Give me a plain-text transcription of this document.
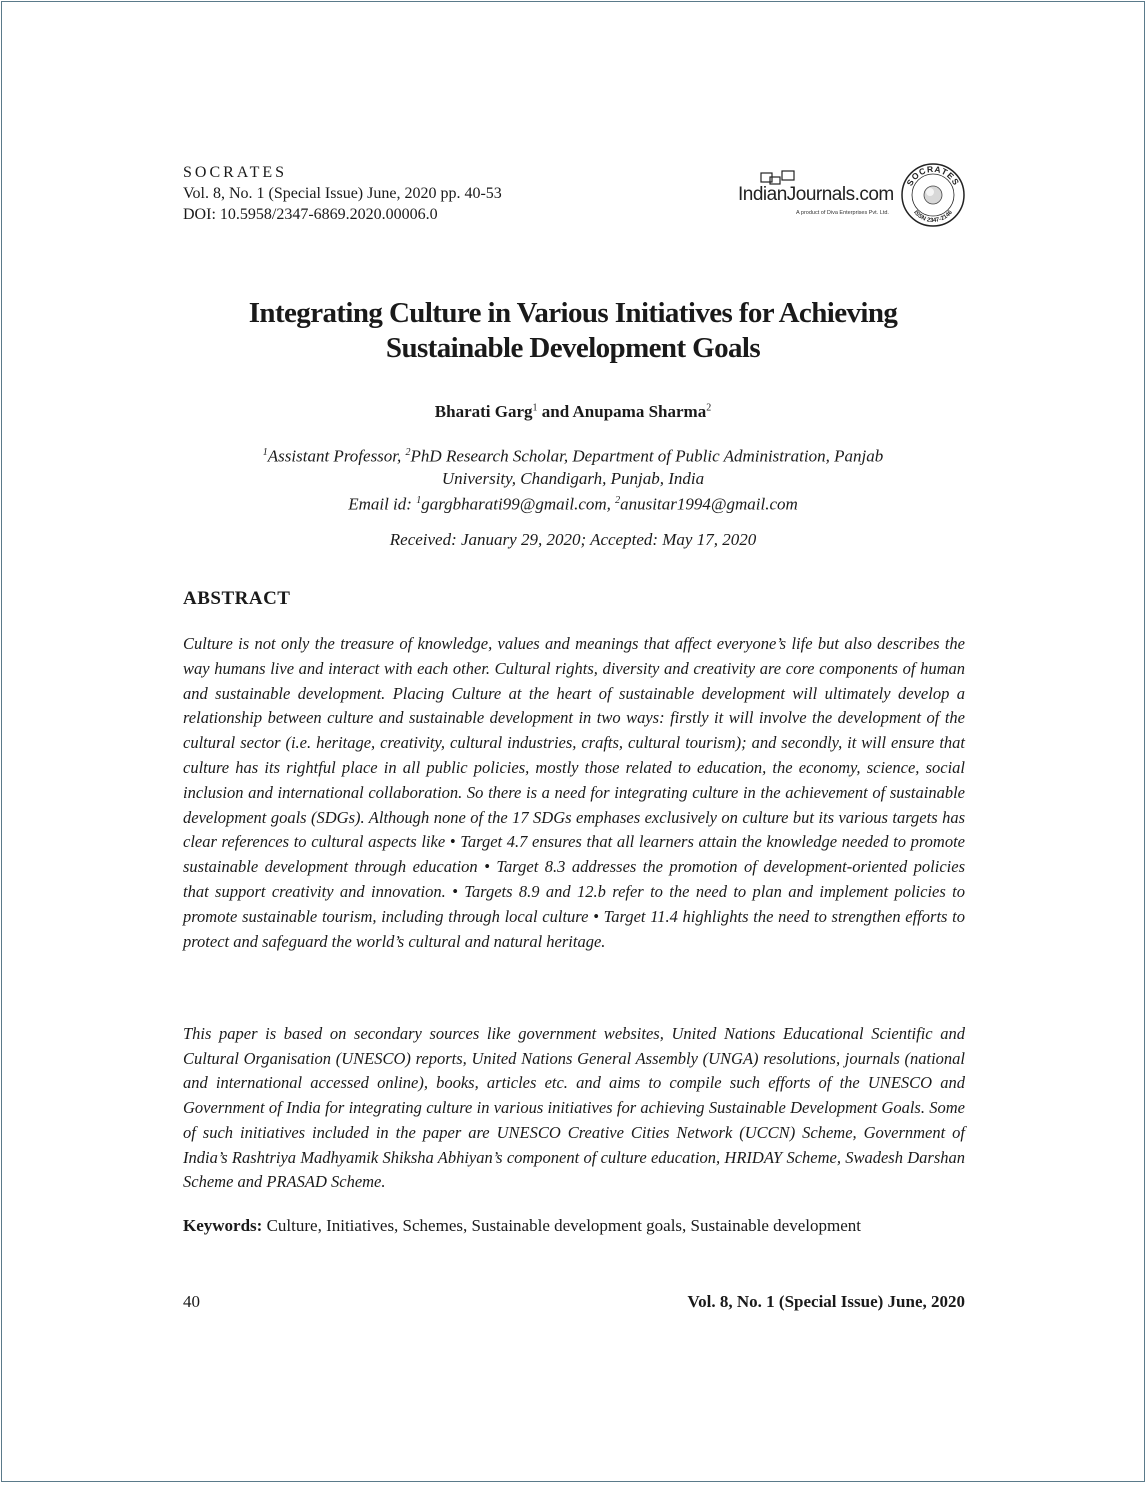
SOCRATES
Vol. 8, No. 1 (Special Issue) June, 2020 pp. 40-53
DOI: 10.5958/2347-6869.2020.00006.0
IndianJournals.com
A product of Diva Enterprises Pvt. Ltd.
SOCRATES
ISSN 2347-2146
Integrating Culture in Various Initiatives for Achieving
Sustainable Development Goals
Bharati Garg$^1$ and Anupama Sharma$^2$
$^1$Assistant Professor, $^2$PhD Research Scholar, Department of Public Administration, Panjab
University, Chandigarh, Punjab, India
Email id: $^1$gargbharati99@gmail.com, $^2$anusitar1994@gmail.com
Received: January 29, 2020; Accepted: May 17, 2020
ABSTRACT

Culture is not only the treasure of knowledge, values and meanings that affect everyone’s life but also describes the way humans live and interact with each other. Cultural rights, diversity and creativity are core components of human and sustainable development. Placing Culture at the heart of sustainable development will ultimately develop a relationship between culture and sustainable development in two ways: firstly it will involve the development of the cultural sector (i.e. heritage, creativity, cultural industries, crafts, cultural tourism); and secondly, it will ensure that culture has its rightful place in all public policies, mostly those related to education, the economy, science, social inclusion and international collaboration. So there is a need for integrating culture in the achievement of sustainable development goals (SDGs). Although none of the 17 SDGs emphases exclusively on culture but its various targets has clear references to cultural aspects like • Target 4.7 ensures that all learners attain the knowledge needed to promote sustainable development through education • Target 8.3 addresses the promotion of development-oriented policies that support creativity and innovation. • Targets 8.9 and 12.b refer to the need to plan and implement policies to promote sustainable tourism, including through local culture • Target 11.4 highlights the need to strengthen efforts to protect and safeguard the world’s cultural and natural heritage.

This paper is based on secondary sources like government websites, United Nations Educational Scientific and Cultural Organisation (UNESCO) reports, United Nations General Assembly (UNGA) resolutions, journals (national and international accessed online), books, articles etc. and aims to compile such efforts of the UNESCO and Government of India for integrating culture in various initiatives for achieving Sustainable Development Goals. Some of such initiatives included in the paper are UNESCO Creative Cities Network (UCCN) Scheme, Government of India’s Rashtriya Madhyamik Shiksha Abhiyan’s component of culture education, HRIDAY Scheme, Swadesh Darshan Scheme and PRASAD Scheme.

Keywords: Culture, Initiatives, Schemes, Sustainable development goals, Sustainable development
40	Vol. 8, No. 1 (Special Issue) June, 2020
